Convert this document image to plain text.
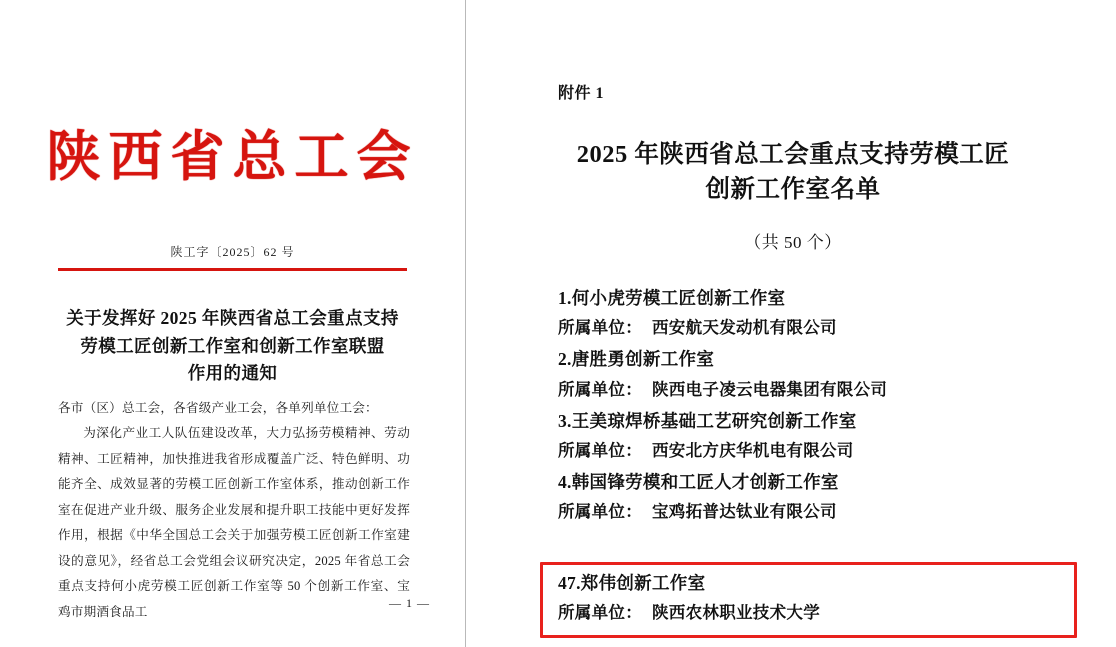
陕西省总工会
陕工字〔2025〕62 号
关于发挥好 2025 年陕西省总工会重点支持
劳模工匠创新工作室和创新工作室联盟
作用的通知

各市（区）总工会，各省级产业工会，各单列单位工会：

为深化产业工人队伍建设改革，大力弘扬劳模精神、劳动精神、工匠精神，加快推进我省形成覆盖广泛、特色鲜明、功能齐全、成效显著的劳模工匠创新工作室体系，推动创新工作室在促进产业升级、服务企业发展和提升职工技能中更好发挥作用，根据《中华全国总工会关于加强劳模工匠创新工作室建设的意见》，经省总工会党组会议研究决定，2025 年省总工会重点支持何小虎劳模工匠创新工作室等 50 个创新工作室、宝鸡市期酒食品工

— 1 —
附件 1
2025 年陕西省总工会重点支持劳模工匠
创新工作室名单
（共 50 个）
1.何小虎劳模工匠创新工作室
所属单位： 西安航天发动机有限公司
2.唐胜勇创新工作室
所属单位： 陕西电子凌云电器集团有限公司
3.王美琼焊桥基础工艺研究创新工作室
所属单位： 西安北方庆华机电有限公司
4.韩国锋劳模和工匠人才创新工作室
所属单位： 宝鸡拓普达钛业有限公司
47.郑伟创新工作室
所属单位： 陕西农林职业技术大学
